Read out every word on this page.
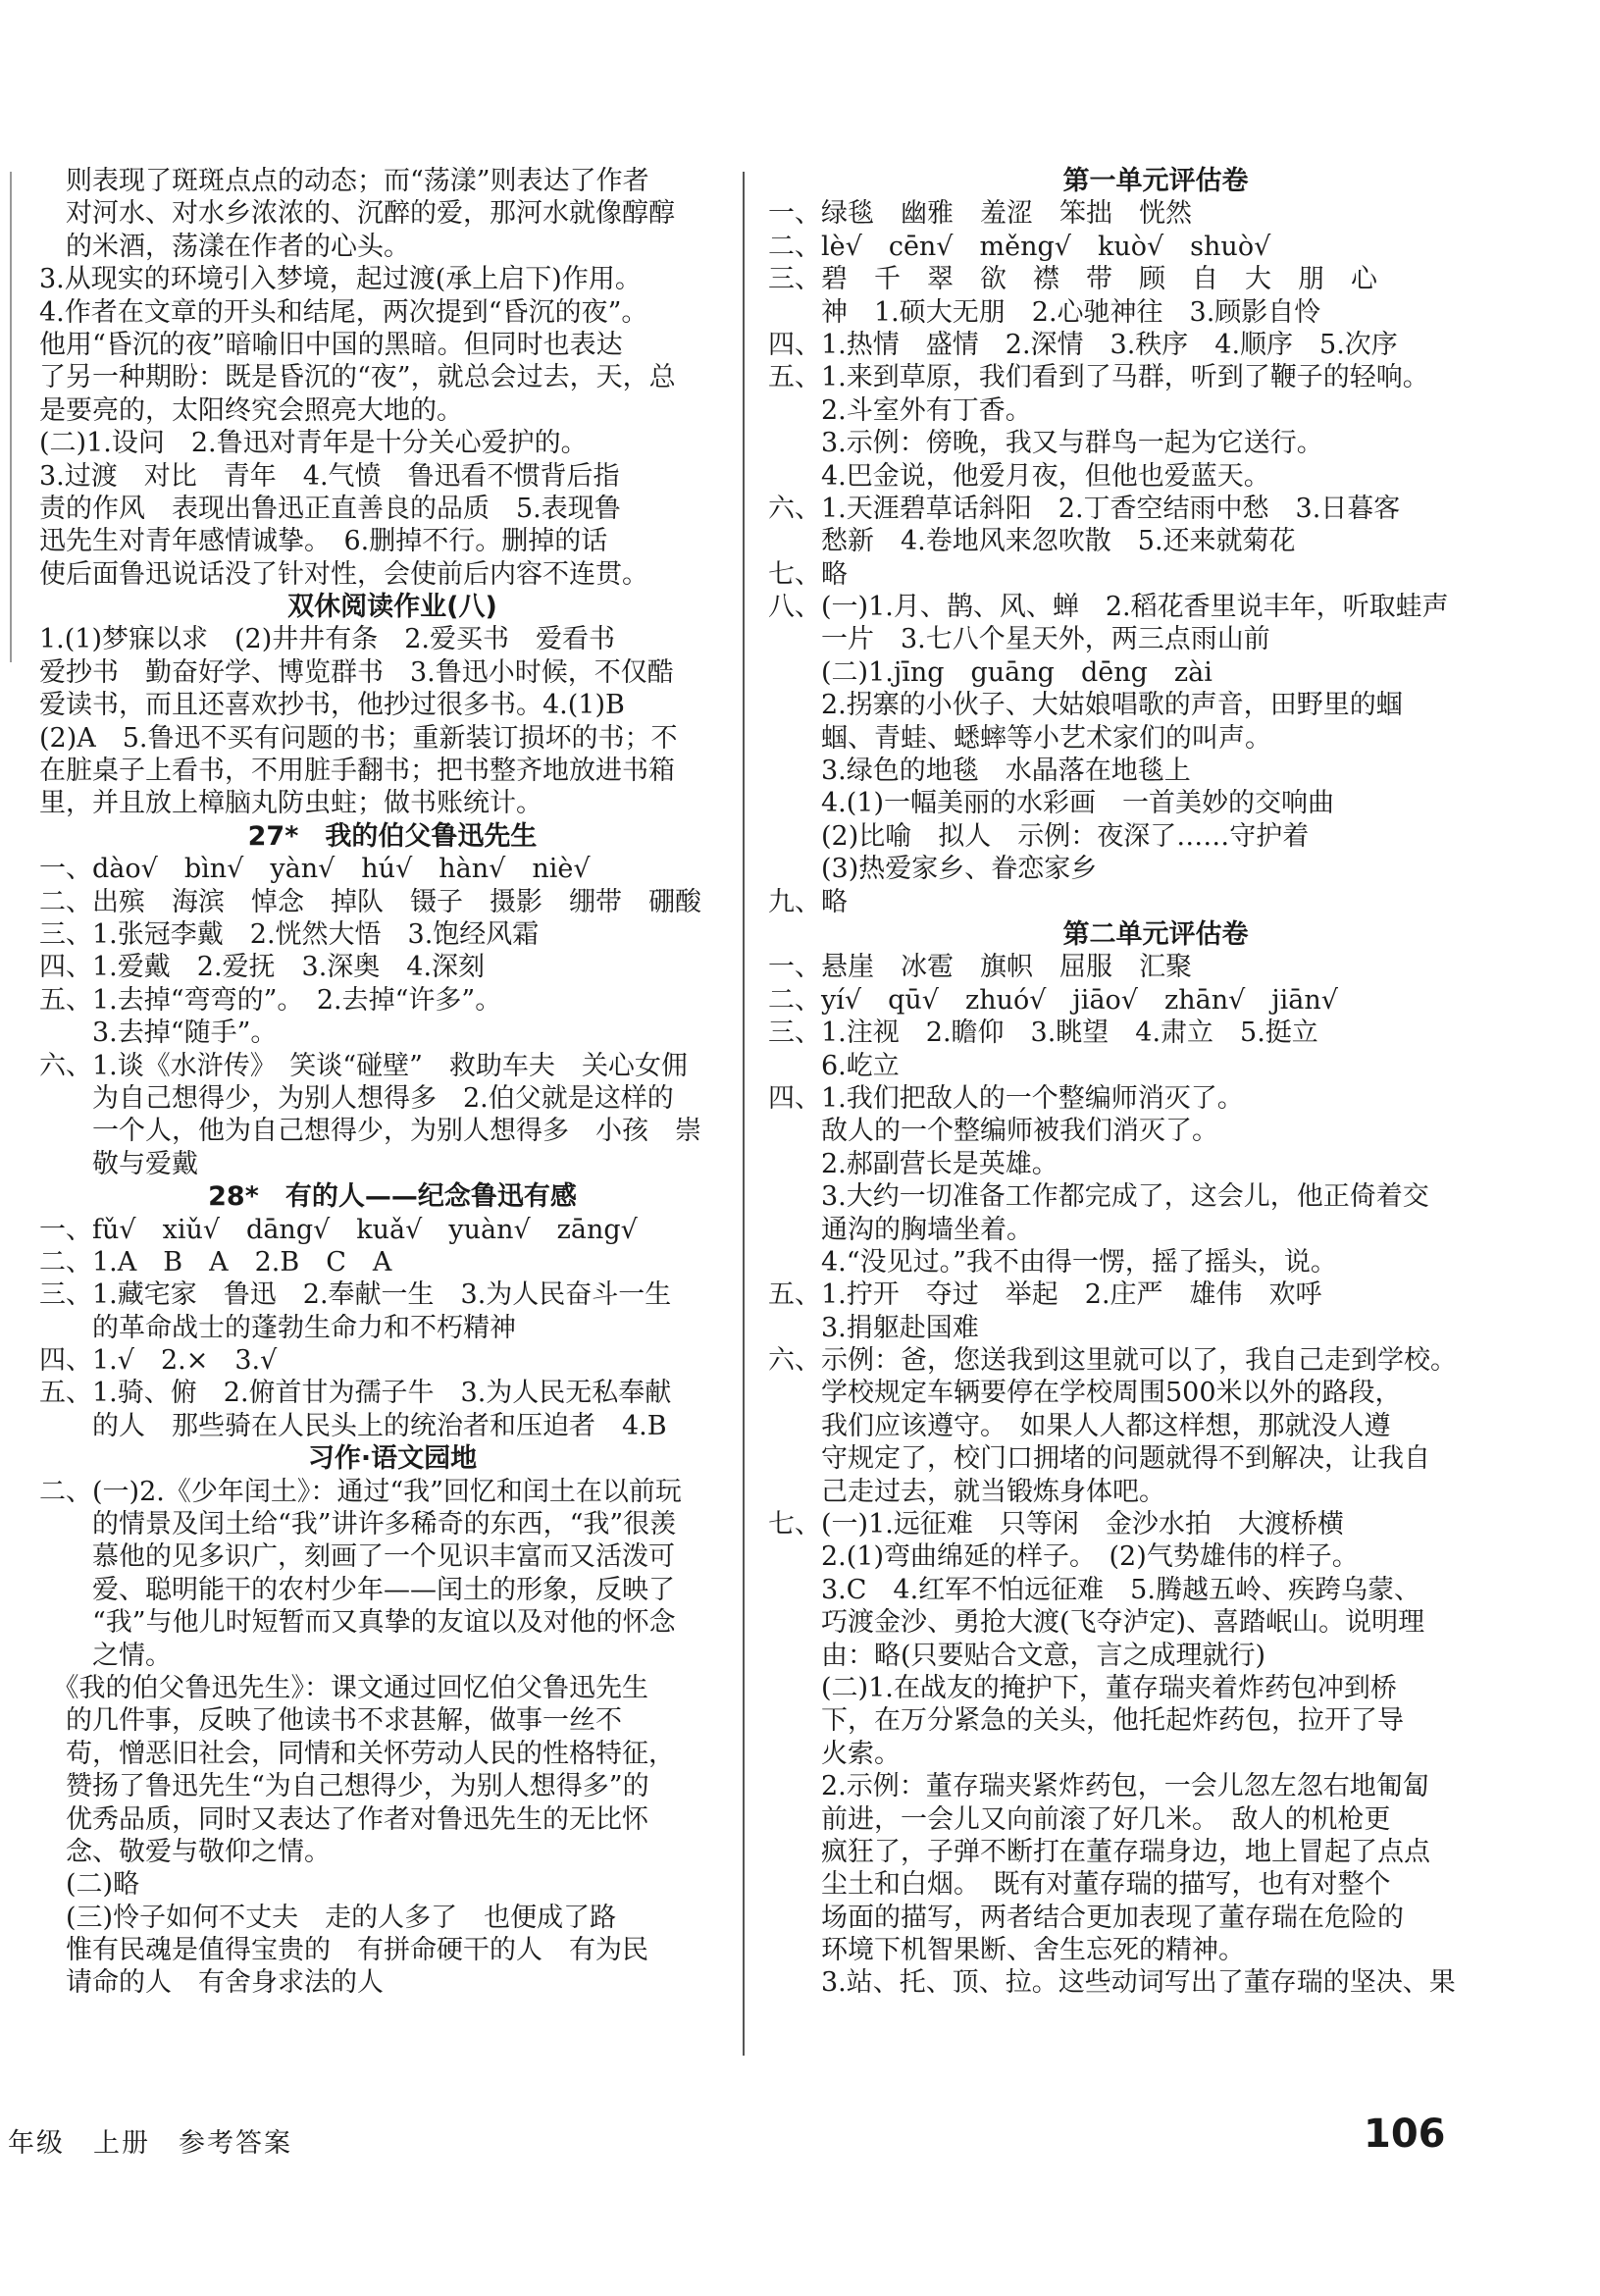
　则表现了斑斑点点的动态；而“荡漾”则表达了作者
　对河水、对水乡浓浓的、沉醉的爱，那河水就像醇醇
　的米酒，荡漾在作者的心头。
3.从现实的环境引入梦境，起过渡(承上启下)作用。
4.作者在文章的开头和结尾，两次提到“昏沉的夜”。
他用“昏沉的夜”暗喻旧中国的黑暗。但同时也表达
了另一种期盼：既是昏沉的“夜”，就总会过去，天，总
是要亮的，太阳终究会照亮大地的。
(二)1.设问　2.鲁迅对青年是十分关心爱护的。
3.过渡　对比　青年　4.气愤　鲁迅看不惯背后指
责的作风　表现出鲁迅正直善良的品质　5.表现鲁
迅先生对青年感情诚挚。　6.删掉不行。删掉的话
使后面鲁迅说话没了针对性，会使前后内容不连贯。
双休阅读作业(八)
1.(1)梦寐以求　(2)井井有条　2.爱买书　爱看书
爱抄书　勤奋好学、博览群书　3.鲁迅小时候，不仅酷
爱读书，而且还喜欢抄书，他抄过很多书。4.(1)B
(2)A　5.鲁迅不买有问题的书；重新装订损坏的书；不
在脏桌子上看书，不用脏手翻书；把书整齐地放进书箱
里，并且放上樟脑丸防虫蛀；做书账统计。
27*　我的伯父鲁迅先生
一、dào√　bìn√　yàn√　hú√　hàn√　niè√
二、出殡　海滨　悼念　掉队　镊子　摄影　绷带　硼酸
三、1.张冠李戴　2.恍然大悟　3.饱经风霜
四、1.爱戴　2.爱抚　3.深奥　4.深刻
五、1.去掉“弯弯的”。　2.去掉“许多”。
　　3.去掉“随手”。
六、1.谈《水浒传》　笑谈“碰壁”　救助车夫　关心女佣
　　为自己想得少，为别人想得多　2.伯父就是这样的
　　一个人，他为自己想得少，为别人想得多　小孩　崇
　　敬与爱戴
28*　有的人——纪念鲁迅有感
一、fǔ√　xiǔ√　dāng√　kuǎ√　yuàn√　zāng√
二、1.A　B　A　2.B　C　A
三、1.藏宅家　鲁迅　2.奉献一生　3.为人民奋斗一生
　　的革命战士的蓬勃生命力和不朽精神
四、1.√　2.×　3.√
五、1.骑、俯　2.俯首甘为孺子牛　3.为人民无私奉献
　　的人　那些骑在人民头上的统治者和压迫者　4.B
习作·语文园地
二、(一)2.《少年闰土》：通过“我”回忆和闰土在以前玩
　　的情景及闰土给“我”讲许多稀奇的东西，“我”很羡
　　慕他的见多识广，刻画了一个见识丰富而又活泼可
　　爱、聪明能干的农村少年——闰土的形象，反映了
　　“我”与他儿时短暂而又真挚的友谊以及对他的怀念
　　之情。
　《我的伯父鲁迅先生》：课文通过回忆伯父鲁迅先生
　的几件事，反映了他读书不求甚解，做事一丝不
　苟，憎恶旧社会，同情和关怀劳动人民的性格特征，
　赞扬了鲁迅先生“为自己想得少，为别人想得多”的
　优秀品质，同时又表达了作者对鲁迅先生的无比怀
　念、敬爱与敬仰之情。
　(二)略
　(三)怜子如何不丈夫　走的人多了　也便成了路
　惟有民魂是值得宝贵的　有拼命硬干的人　有为民
　请命的人　有舍身求法的人
第一单元评估卷
一、绿毯　幽雅　羞涩　笨拙　恍然
二、lè√　cēn√　měng√　kuò√　shuò√
三、碧　千　翠　欲　襟　带　顾　自　大　朋　心
　　神　1.硕大无朋　2.心驰神往　3.顾影自怜
四、1.热情　盛情　2.深情　3.秩序　4.顺序　5.次序
五、1.来到草原，我们看到了马群，听到了鞭子的轻响。
　　2.斗室外有丁香。
　　3.示例：傍晚，我又与群鸟一起为它送行。
　　4.巴金说，他爱月夜，但他也爱蓝天。
六、1.天涯碧草话斜阳　2.丁香空结雨中愁　3.日暮客
　　愁新　4.卷地风来忽吹散　5.还来就菊花
七、略
八、(一)1.月、鹊、风、蝉　2.稻花香里说丰年，听取蛙声
　　一片　3.七八个星天外，两三点雨山前
　　(二)1.jīng　guāng　dēng　zài
　　2.拐寨的小伙子、大姑娘唱歌的声音，田野里的蝈
　　蝈、青蛙、蟋蟀等小艺术家们的叫声。
　　3.绿色的地毯　水晶落在地毯上
　　4.(1)一幅美丽的水彩画　一首美妙的交响曲
　　(2)比喻　拟人　示例：夜深了……守护着
　　(3)热爱家乡、眷恋家乡
九、略
第二单元评估卷
一、悬崖　冰雹　旗帜　屈服　汇聚
二、yí√　qū√　zhuó√　jiāo√　zhān√　jiān√
三、1.注视　2.瞻仰　3.眺望　4.肃立　5.挺立
　　6.屹立
四、1.我们把敌人的一个整编师消灭了。
　　敌人的一个整编师被我们消灭了。
　　2.郝副营长是英雄。
　　3.大约一切准备工作都完成了，这会儿，他正倚着交
　　通沟的胸墙坐着。
　　4.“没见过。”我不由得一愣，摇了摇头，说。
五、1.拧开　夺过　举起　2.庄严　雄伟　欢呼
　　3.捐躯赴国难
六、示例：爸，您送我到这里就可以了，我自己走到学校。
　　学校规定车辆要停在学校周围500米以外的路段，
　　我们应该遵守。　如果人人都这样想，那就没人遵
　　守规定了，校门口拥堵的问题就得不到解决，让我自
　　己走过去，就当锻炼身体吧。
七、(一)1.远征难　只等闲　金沙水拍　大渡桥横
　　2.(1)弯曲绵延的样子。　(2)气势雄伟的样子。
　　3.C　4.红军不怕远征难　5.腾越五岭、疾跨乌蒙、
　　巧渡金沙、勇抢大渡(飞夺泸定)、喜踏岷山。说明理
　　由：略(只要贴合文意，言之成理就行)
　　(二)1.在战友的掩护下，董存瑞夹着炸药包冲到桥
　　下，在万分紧急的关头，他托起炸药包，拉开了导
　　火索。
　　2.示例：董存瑞夹紧炸药包，一会儿忽左忽右地匍匐
　　前进，一会儿又向前滚了好几米。　敌人的机枪更
　　疯狂了，子弹不断打在董存瑞身边，地上冒起了点点
　　尘土和白烟。　既有对董存瑞的描写，也有对整个
　　场面的描写，两者结合更加表现了董存瑞在危险的
　　环境下机智果断、舍生忘死的精神。
　　3.站、托、顶、拉。这些动词写出了董存瑞的坚决、果
年级　上册　参考答案	106
